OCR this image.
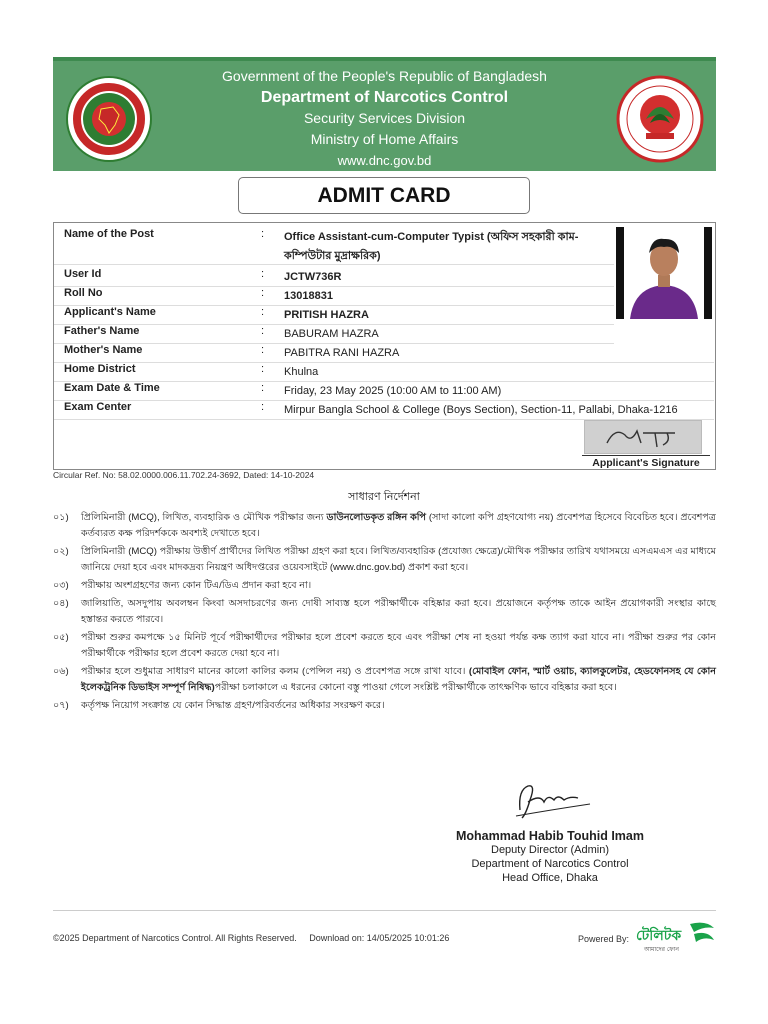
Government of the People's Republic of Bangladesh
Department of Narcotics Control
Security Services Division
Ministry of Home Affairs
www.dnc.gov.bd
ADMIT CARD
Name of the Post	: Office Assistant-cum-Computer Typist (অফিস সহকারী কাম-কম্পিউটার মুদ্রাক্ষরিক)
User Id	: JCTW736R
Roll No	: 13018831
Applicant's Name	: PRITISH HAZRA
Father's Name	: BABURAM HAZRA
Mother's Name	: PABITRA RANI HAZRA
Home District	: Khulna
Exam Date & Time	: Friday, 23 May 2025 (10:00 AM to 11:00 AM)
Exam Center	: Mirpur Bangla School & College (Boys Section), Section-11, Pallabi, Dhaka-1216
Applicant's Signature
Circular Ref. No: 58.02.0000.006.11.702.24-3692, Dated: 14-10-2024
সাধারণ নির্দেশনা
০১) প্রিলিমিনারী (MCQ), লিখিত, ব্যবহারিক ও মৌখিক পরীক্ষার জন্য ডাউনলোডকৃত রঙ্গিন কপি (সাদা কালো কপি গ্রহণযোগ্য নয়) প্রবেশপত্র হিসেবে বিবেচিত হবে। প্রবেশপত্র কর্তব্যরত কক্ষ পরিদর্শককে অবশ্যই দেখাতে হবে।
০২) প্রিলিমিনারী (MCQ) পরীক্ষায় উত্তীর্ণ প্রার্থীদের লিখিত পরীক্ষা গ্রহণ করা হবে। লিখিত/ব্যবহারিক (প্রযোজ্য ক্ষেত্রে)/মৌখিক পরীক্ষার তারিখ যথাসময়ে এসএমএস এর মাধ্যমে জানিয়ে দেয়া হবে এবং মাদকদ্রব্য নিয়ন্ত্রণ অধিদপ্তরের ওয়েবসাইটে (www.dnc.gov.bd) প্রকাশ করা হবে।
০৩) পরীক্ষায় অংশগ্রহণের জন্য কোন টিএ/ডিএ প্রদান করা হবে না।
০৪) জালিয়াতি, অসদুপায় অবলম্বন কিংবা অসদাচরণের জন্য দোষী সাব্যস্ত হলে পরীক্ষার্থীকে বহিষ্কার করা হবে। প্রয়োজনে কর্তৃপক্ষ তাকে আইন প্রয়োগকারী সংস্থার কাছে হস্তান্তর করতে পারবে।
০৫) পরীক্ষা শুরুর কমপক্ষে ১৫ মিনিট পূর্বে পরীক্ষার্থীদের পরীক্ষার হলে প্রবেশ করতে হবে এবং পরীক্ষা শেষ না হওয়া পর্যন্ত কক্ষ ত্যাগ করা যাবে না। পরীক্ষা শুরুর পর কোন পরীক্ষার্থীকে পরীক্ষার হলে প্রবেশ করতে দেয়া হবে না।
০৬) পরীক্ষার হলে শুধুমাত্র সাধারণ মানের কালো কালির কলম (পেন্সিল নয়) ও প্রবেশপত্র সঙ্গে রাখা যাবে। (মোবাইল ফোন, স্মার্ট ওয়াচ, ক্যালকুলেটর, হেডফোনসহ যে কোন ইলেকট্রনিক ডিভাইস সম্পূর্ণ নিষিদ্ধ)পরীক্ষা চলাকালে এ ধরনের কোনো বস্তু পাওয়া গেলে সংশ্লিষ্ট পরীক্ষার্থীকে তাৎক্ষণিক ভাবে বহিষ্কার করা হবে।
০৭) কর্তৃপক্ষ নিয়োগ সংক্রান্ত যে কোন সিদ্ধান্ত গ্রহণ/পরিবর্তনের অধিকার সংরক্ষণ করে।
Mohammad Habib Touhid Imam
Deputy Director (Admin)
Department of Narcotics Control
Head Office, Dhaka
©2025 Department of Narcotics Control. All Rights Reserved. Download on: 14/05/2025 10:01:26	Powered By: টেলিটক
আমাদের ফোন
